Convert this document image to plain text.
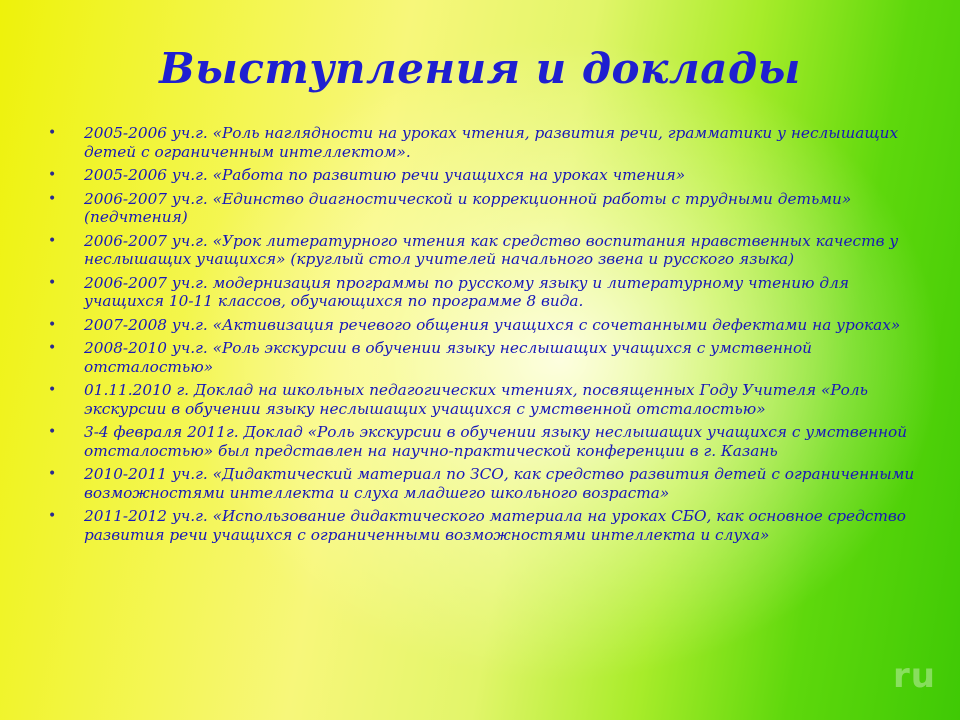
Выступления и доклады
• 2005-2006 уч.г. «Роль наглядности на уроках чтения, развития речи, грамматики у неслышащих детей с ограниченным интеллектом».
• 2005-2006 уч.г. «Работа по развитию речи учащихся на уроках чтения»
• 2006-2007 уч.г. «Единство диагностической и коррекционной работы с трудными детьми» (педчтения)
• 2006-2007 уч.г. «Урок литературного чтения как средство воспитания нравственных качеств у неслышащих учащихся» (круглый стол учителей начального звена и русского языка)
• 2006-2007 уч.г. модернизация программы по русскому языку и литературному чтению для учащихся 10-11 классов, обучающихся по программе 8 вида.
• 2007-2008 уч.г. «Активизация речевого общения учащихся с сочетанными дефектами на уроках»
• 2008-2010 уч.г. «Роль экскурсии в обучении языку неслышащих учащихся с умственной отсталостью»
• 01.11.2010 г. Доклад на школьных педагогических чтениях, посвященных Году Учителя «Роль экскурсии в обучении языку неслышащих учащихся с умственной отсталостью»
• 3-4 февраля 2011г. Доклад «Роль экскурсии в обучении языку неслышащих учащихся с умственной отсталостью» был представлен на научно-практической конференции в г. Казань
• 2010-2011 уч.г. «Дидактический материал по ЗСО, как средство развития детей с ограниченными возможностями интеллекта и слуха младшего школьного возраста»
• 2011-2012 уч.г. «Использование дидактического материала на уроках СБО, как основное средство развития речи учащихся с ограниченными возможностями интеллекта и слуха»
ru
